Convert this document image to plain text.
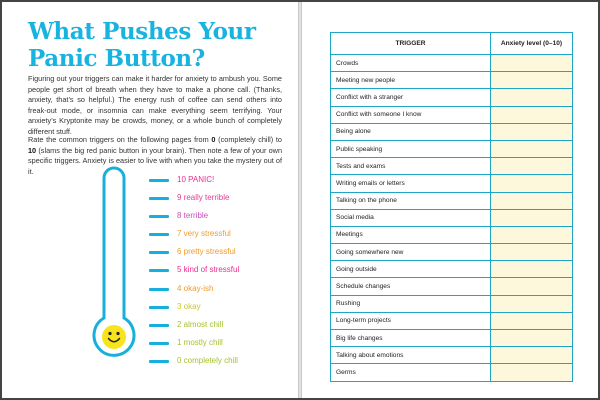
What Pushes Your Panic Button?

Figuring out your triggers can make it harder for anxiety to ambush you. Some people get short of breath when they have to make a phone call. (Thanks, anxiety, that’s so helpful.) The energy rush of coffee can send others into freak-out mode, or insomnia can make everything seem terrifying. Your anxiety’s Kryptonite may be crowds, money, or a whole bunch of completely different stuff.

Rate the common triggers on the following pages from 0 (completely chill) to 10 (slams the big red panic button in your brain). Then note a few of your own specific triggers. Anxiety is easier to live with when you take the mystery out of it.

10 PANIC!
9 really terrible
8 terrible
7 very stressful
6 pretty stressful
5 kind of stressful
4 okay-ish
3 okay
2 almost chill
1 mostly chill
0 completely chill
TRIGGER	Anxiety level (0–10)
Crowds	
Meeting new people	
Conflict with a stranger	
Conflict with someone I know	
Being alone	
Public speaking	
Tests and exams	
Writing emails or letters	
Talking on the phone	
Social media	
Meetings	
Going somewhere new	
Going outside	
Schedule changes	
Rushing	
Long-term projects	
Big life changes	
Talking about emotions	
Germs	
